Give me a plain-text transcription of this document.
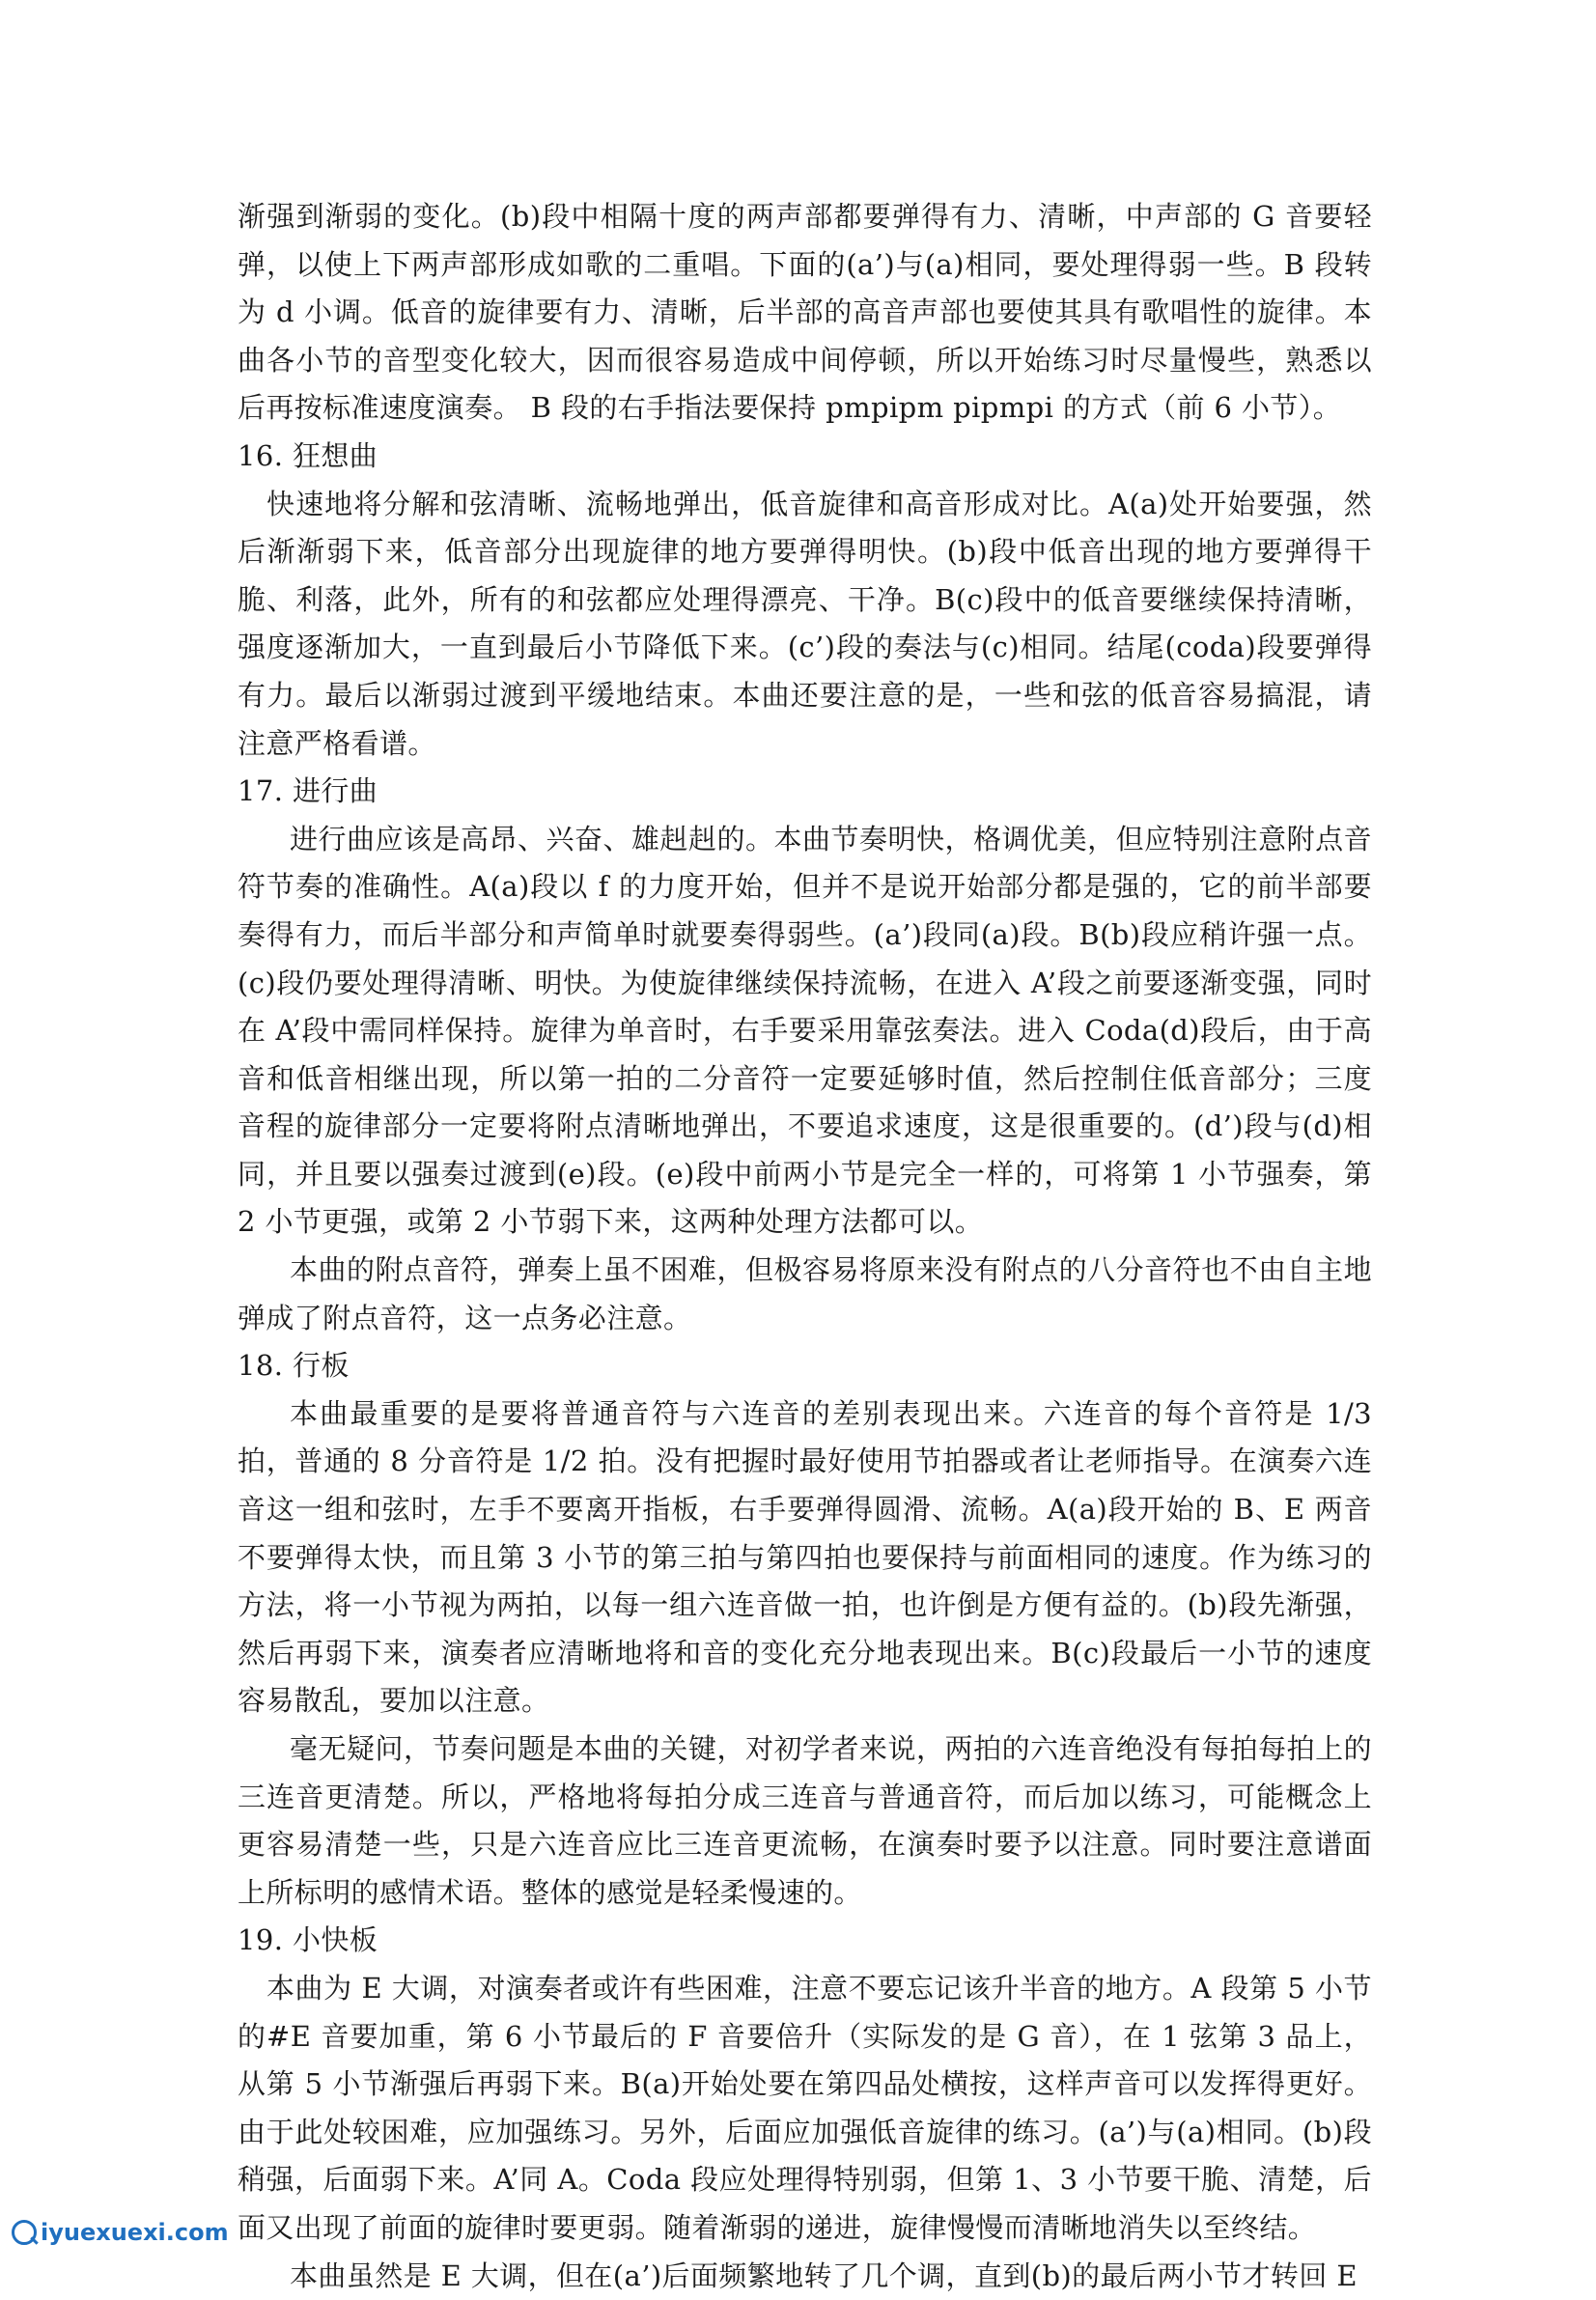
渐强到渐弱的变化。(b)段中相隔十度的两声部都要弹得有力、清晰，中声部的 G 音要轻弹，以使上下两声部形成如歌的二重唱。下面的(a’)与(a)相同，要处理得弱一些。B 段转为 d 小调。低音的旋律要有力、清晰，后半部的高音声部也要使其具有歌唱性的旋律。本曲各小节的音型变化较大，因而很容易造成中间停顿，所以开始练习时尽量慢些，熟悉以后再按标准速度演奏。 B 段的右手指法要保持 pmpipm pipmpi 的方式（前 6 小节）。

16. 狂想曲

快速地将分解和弦清晰、流畅地弹出，低音旋律和高音形成对比。A(a)处开始要强，然后渐渐弱下来，低音部分出现旋律的地方要弹得明快。(b)段中低音出现的地方要弹得干脆、利落，此外，所有的和弦都应处理得漂亮、干净。B(c)段中的低音要继续保持清晰，强度逐渐加大，一直到最后小节降低下来。(c’)段的奏法与(c)相同。结尾(coda)段要弹得有力。最后以渐弱过渡到平缓地结束。本曲还要注意的是，一些和弦的低音容易搞混，请注意严格看谱。

17. 进行曲

进行曲应该是高昂、兴奋、雄赳赳的。本曲节奏明快，格调优美，但应特别注意附点音符节奏的准确性。A(a)段以 f 的力度开始，但并不是说开始部分都是强的，它的前半部要奏得有力，而后半部分和声简单时就要奏得弱些。(a’)段同(a)段。B(b)段应稍许强一点。(c)段仍要处理得清晰、明快。为使旋律继续保持流畅，在进入 A’段之前要逐渐变强，同时在 A’段中需同样保持。旋律为单音时，右手要采用靠弦奏法。进入 Coda(d)段后，由于高音和低音相继出现，所以第一拍的二分音符一定要延够时值，然后控制住低音部分；三度音程的旋律部分一定要将附点清晰地弹出，不要追求速度，这是很重要的。(d’)段与(d)相同，并且要以强奏过渡到(e)段。(e)段中前两小节是完全一样的，可将第 1 小节强奏，第 2 小节更强，或第 2 小节弱下来，这两种处理方法都可以。

本曲的附点音符，弹奏上虽不困难，但极容易将原来没有附点的八分音符也不由自主地弹成了附点音符，这一点务必注意。

18. 行板

本曲最重要的是要将普通音符与六连音的差别表现出来。六连音的每个音符是 1/3 拍，普通的 8 分音符是 1/2 拍。没有把握时最好使用节拍器或者让老师指导。在演奏六连音这一组和弦时，左手不要离开指板，右手要弹得圆滑、流畅。A(a)段开始的 B、E 两音不要弹得太快，而且第 3 小节的第三拍与第四拍也要保持与前面相同的速度。作为练习的方法，将一小节视为两拍，以每一组六连音做一拍，也许倒是方便有益的。(b)段先渐强，然后再弱下来，演奏者应清晰地将和音的变化充分地表现出来。B(c)段最后一小节的速度容易散乱，要加以注意。

毫无疑问，节奏问题是本曲的关键，对初学者来说，两拍的六连音绝没有每拍每拍上的三连音更清楚。所以，严格地将每拍分成三连音与普通音符，而后加以练习，可能概念上更容易清楚一些，只是六连音应比三连音更流畅，在演奏时要予以注意。同时要注意谱面上所标明的感情术语。整体的感觉是轻柔慢速的。

19. 小快板

本曲为 E 大调，对演奏者或许有些困难，注意不要忘记该升半音的地方。A 段第 5 小节的#E 音要加重，第 6 小节最后的 F 音要倍升（实际发的是 G 音），在 1 弦第 3 品上，从第 5 小节渐强后再弱下来。B(a)开始处要在第四品处横按，这样声音可以发挥得更好。由于此处较困难，应加强练习。另外，后面应加强低音旋律的练习。(a’)与(a)相同。(b)段稍强，后面弱下来。A’同 A。Coda 段应处理得特别弱，但第 1、3 小节要干脆、清楚，后面又出现了前面的旋律时要更弱。随着渐弱的递进，旋律慢慢而清晰地消失以至终结。

本曲虽然是 E 大调，但在(a’)后面频繁地转了几个调，直到(b)的最后两小节才转回 E

iyuexuexi.com
